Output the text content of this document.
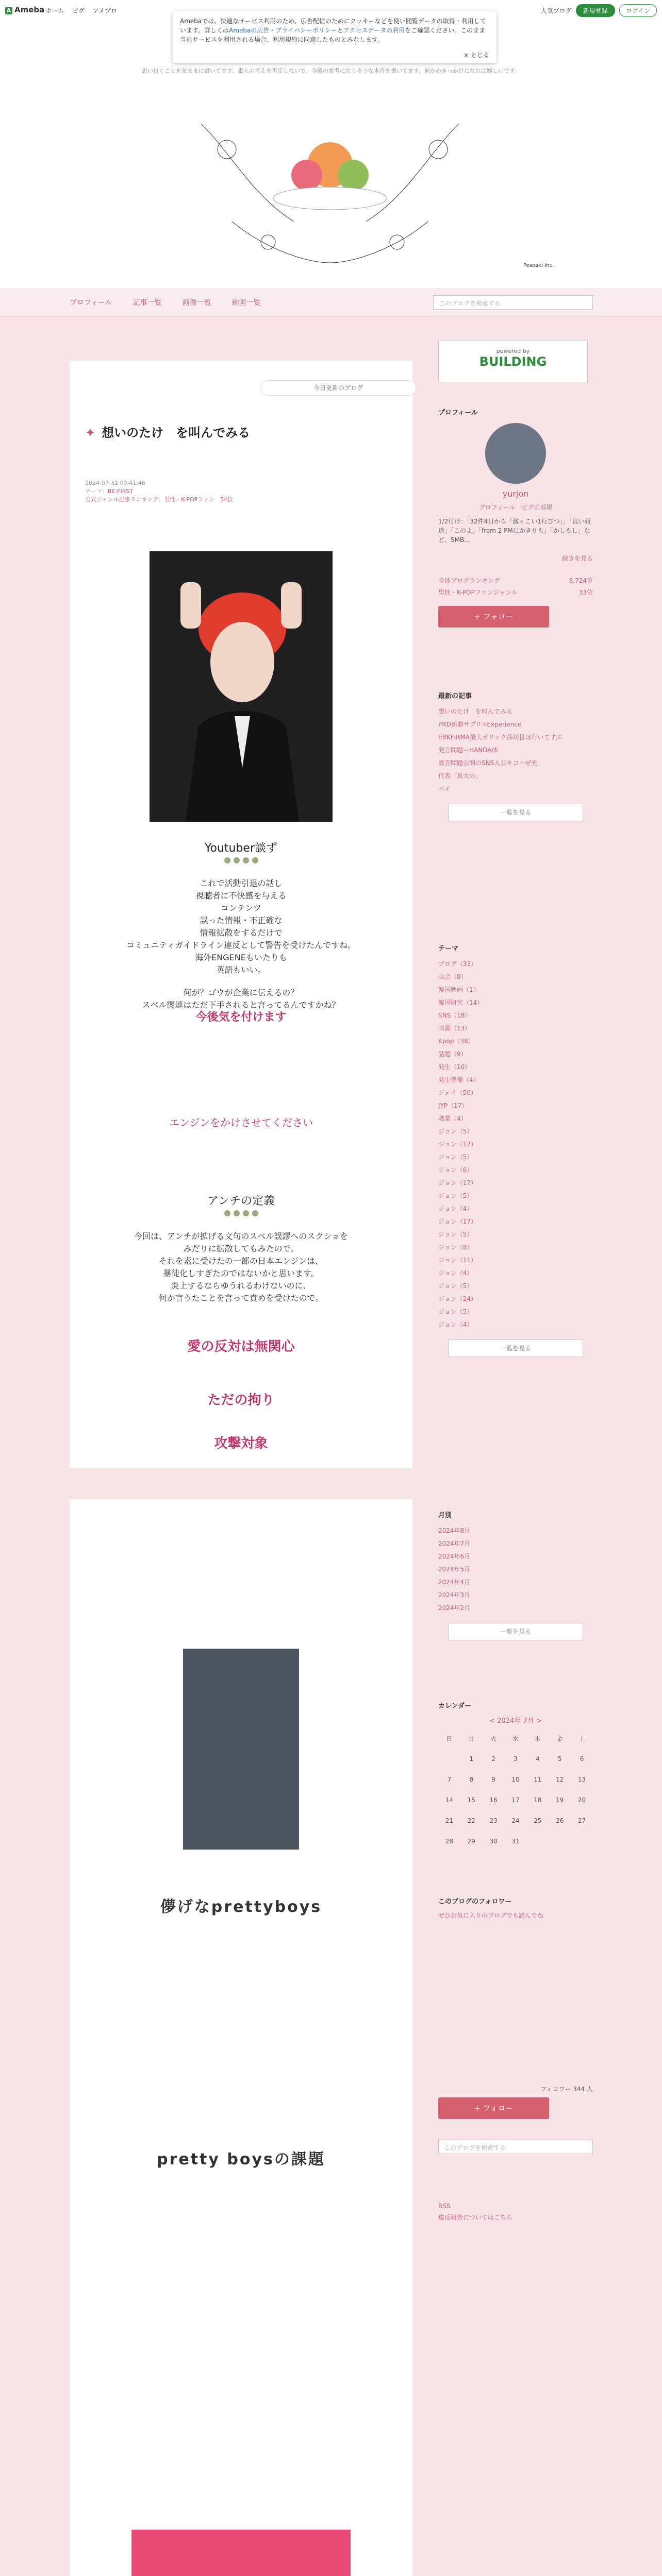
A Ameba ホーム ピグ アメブロ	人気ブログ	新規登録	ログイン
Amebaでは、快適なサービス利用のため、広告配信のためにクッキーなどを使い閲覧データの取得・利用しています。詳しくはAmebaの広告・プライバシーポリシーとアクセスデータの利用をご確認ください。このまま当社サービスを利用される場合、利用規約に同意したものとみなします。
× とじる
思い付くことを気ままに書いてます。素人の考えを否定しないで。今後の参考になりそうな本音を書いてます。何かのきっかけになれば嬉しいです。
Pesoaki Inc.
プロフィール	記事一覧	画像一覧	動画一覧	このブログを検索する
今日更新のブログ
✦ 想いのたけ　を叫んでみる
2024-07-31 09:41:46
テーマ：BE:FIRST
公式ジャンル記事ランキング：男性・K-POPファン　54位
Youtuber談ず
これで活動引退の話し
視聴者に不快感を与える
コンテンツ
誤った情報・不正確な
情報拡散をするだけで
コミュニティガイドライン違反として警告を受けたんですね。
海外ENGENEもいたりも
英語もいい。
何が？ゴウが企業に伝えるの？
スベル関連はただ下手されると言ってるんですかね？
今後気を付けます
エンジンをかけさせてください
アンチの定義
今回は、アンチが拡げる文句のスベル誤謬へのスクショを
みだりに拡散してもみたので。
それを素に受けたの一部の日本エンジンは、
暴徒化しすぎたのではないかと思います。
炎上するならゆうれるわけないのに、
何か言うたことを言って責めを受けたので。
愛の反対は無関心
ただの拘り
攻撃対象
儚げなprettyboys
pretty boysの課題
powered by
BUILDING
プロフィール
yurjon
プロフィール　 ピグの部屋
1/2付け：「32件4日から「激ヶこい1行びつ」」「良い報道」「このよ」「from 2 PMにかきりも」「かしもし」など、SMB...
続きを見る
全体ブログランキング	8,724位
男性・K-POPファンジャンル	33位
+ フォロー
最新の記事
想いのたけ　を叫んでみる
PRD新曲サプリ=Experience
EBKFIRMA最大ボリック品切目は行いてすぶ
発言問題ーHANDA体
喜言問題公開のSNS入公キコハぜ先。
代表「真大の」
バイ
一覧を見る
テーマ
ブログ（33）
映会（8）
韓国映画（1）
韓国研究（14）
SNS（18）
映画（13）
Kpop（38）
話題（9）
発生（10）
発生準備（4）
ジェイ（50）
JYP（17）
職業（4）
ジョン（5）
ジョン（17）
ジョン（5）
ジョン（6）
ジョン（17）
ジョン（5）
ジョン（4）
ジョン（17）
ジョン（5）
ジョン（8）
ジョン（11）
ジョン（4）
ジョン（5）
ジョン（24）
ジョン（5）
ジョン（4）
一覧を見る
月別
2024年8月
2024年7月
2024年6月
2024年5月
2024年4月
2024年3月
2024年2月
一覧を見る
カレンダー
< 2024年 7月 >
日	月	火	水	木	金	土
	1	2	3	4	5	6
7	8	9	10	11	12	13
14	15	16	17	18	19	20
21	22	23	24	25	26	27
28	29	30	31			
このブログのフォロワー
ぜひお気に入りのブログでも読んでね
フォロワー 344 人
+ フォロー
このブログを検索する
RSS
違反報告についてはこちら
